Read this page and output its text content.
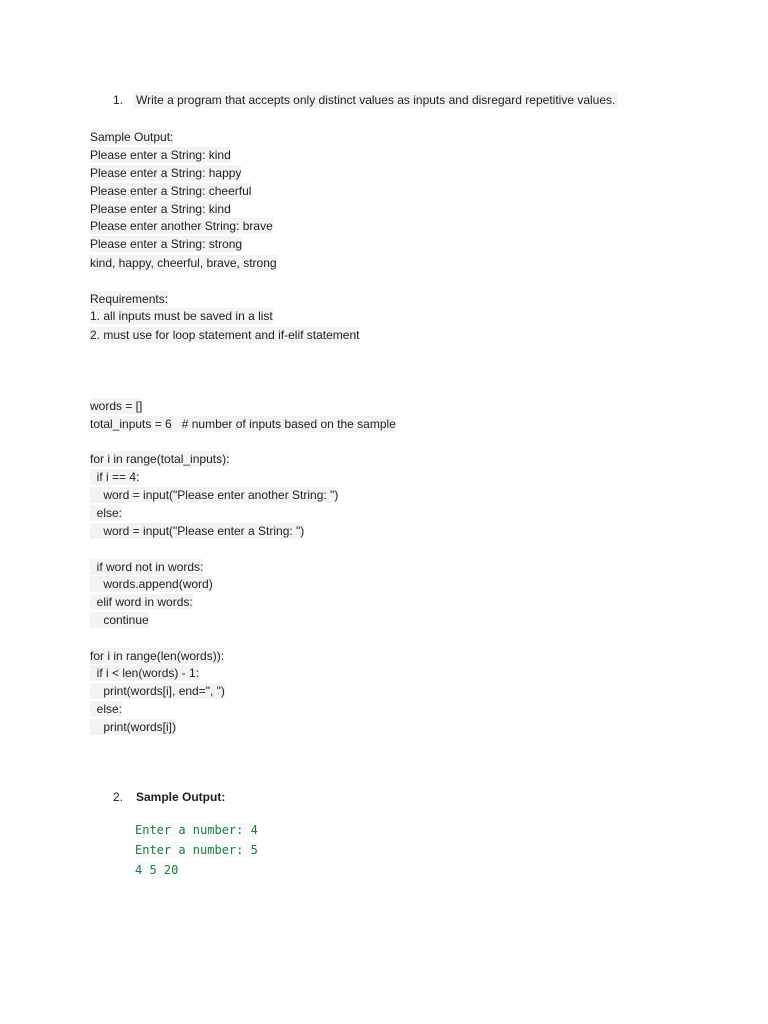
1. Write a program that accepts only distinct values as inputs and disregard repetitive values.
Sample Output:
Please enter a String: kind
Please enter a String: happy
Please enter a String: cheerful
Please enter a String: kind
Please enter another String: brave
Please enter a String: strong
kind, happy, cheerful, brave, strong
Requirements:
1. all inputs must be saved in a list
2. must use for loop statement and if-elif statement
words = []
total_inputs = 6   # number of inputs based on the sample
for i in range(total_inputs):
if i == 4:
word = input("Please enter another String: ")
else:
word = input("Please enter a String: ")
if word not in words:
words.append(word)
elif word in words:
continue
for i in range(len(words)):
if i < len(words) - 1:
print(words[i], end=", ")
else:
print(words[i])
2. Sample Output:
Enter a number: 4
Enter a number: 5
4 5 20
